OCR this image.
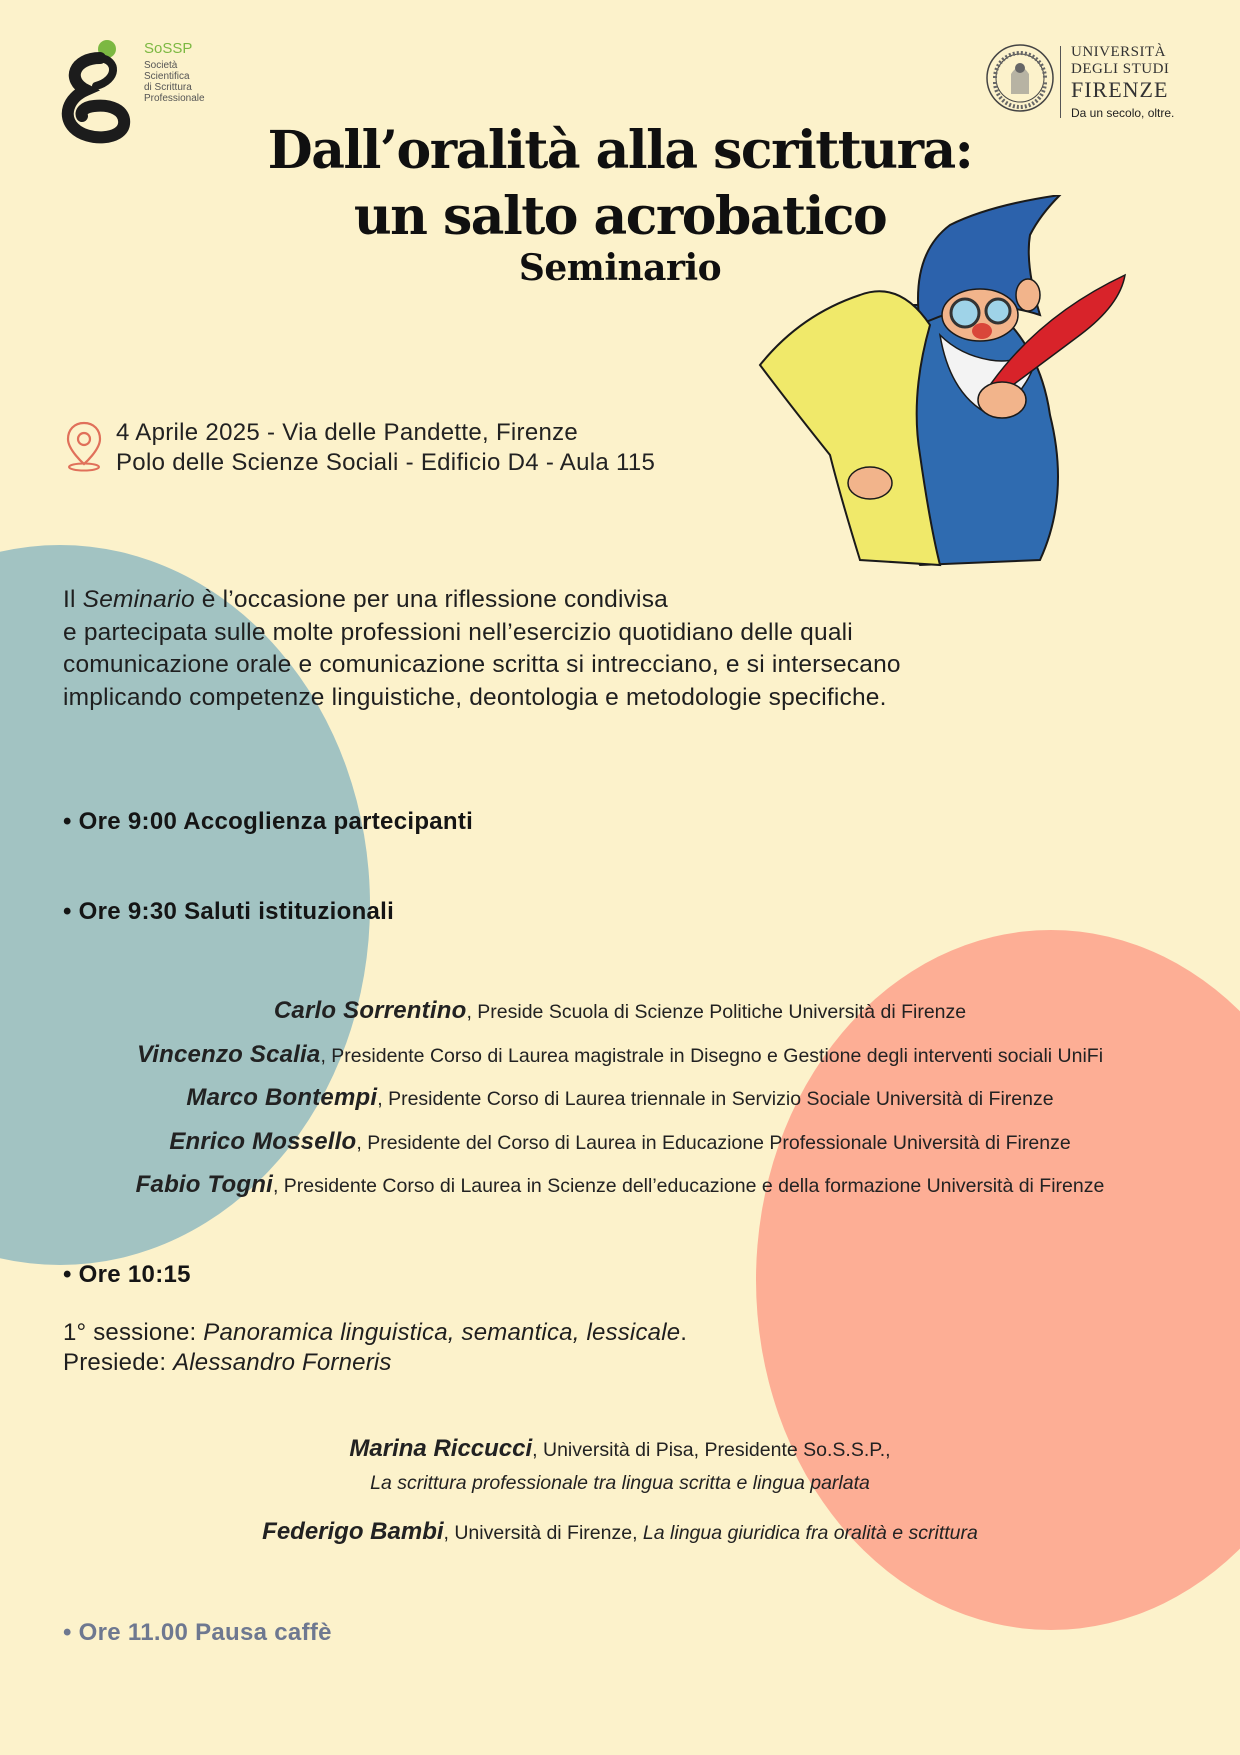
SoSSP
Società
Scientifica
di Scrittura
Professionale
UNIVERSITÀ
DEGLI STUDI
FIRENZE
Da un secolo, oltre.
Dall’oralità alla scrittura:
un salto acrobatico
Seminario
4 Aprile 2025 - Via delle Pandette, Firenze
Polo delle Scienze Sociali - Edificio D4 - Aula 115
Il Seminario è l’occasione per una riflessione condivisa
e partecipata sulle molte professioni nell’esercizio quotidiano delle quali
comunicazione orale e comunicazione scritta si intrecciano, e si intersecano
implicando competenze linguistiche, deontologia e metodologie specifiche.
• Ore 9:00 Accoglienza partecipanti
• Ore 9:30 Saluti istituzionali
Carlo Sorrentino, Preside Scuola di Scienze Politiche Università di Firenze
Vincenzo Scalia, Presidente Corso di Laurea magistrale in Disegno e Gestione degli interventi sociali UniFi
Marco Bontempi, Presidente Corso di Laurea triennale in Servizio Sociale Università di Firenze
Enrico Mossello, Presidente del Corso di Laurea in Educazione Professionale Università di Firenze
Fabio Togni, Presidente Corso di Laurea in Scienze dell’educazione e della formazione Università di Firenze
• Ore 10:15
1° sessione: Panoramica linguistica, semantica, lessicale.
Presiede: Alessandro Forneris
Marina Riccucci, Università di Pisa, Presidente So.S.S.P.,
La scrittura professionale tra lingua scritta e lingua parlata
Federigo Bambi, Università di Firenze, La lingua giuridica fra oralità e scrittura
• Ore 11.00 Pausa caffè
